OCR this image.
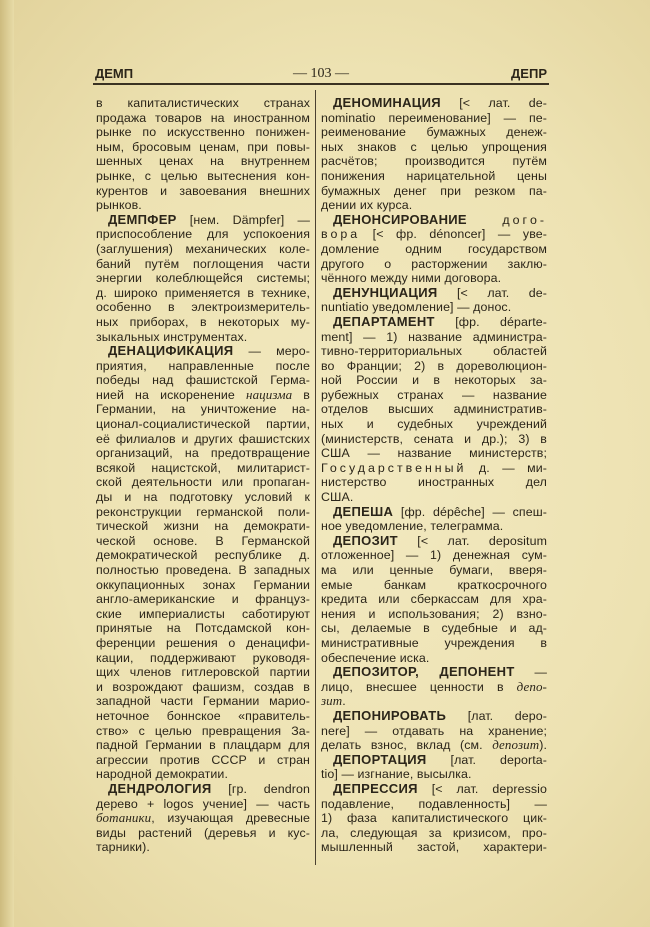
ДЕМП	— 103 —	ДЕПР
в капиталистических странах
продажа товаров на иностранном
рынке по искусственно понижен-
ным, бросовым ценам, при повы-
шенных ценах на внутреннем
рынке, с целью вытеснения кон-
курентов и завоевания внешних
рынков.
ДЕМПФЕР [нем. Dämpfer] —
приспособление для успокоения
(заглушения) механических коле-
баний путём поглощения части
энергии колеблющейся системы;
д. широко применяется в технике,
особенно в электроизмеритель-
ных приборах, в некоторых му-
зыкальных инструментах.
ДЕНАЦИФИКАЦИЯ — меро-
приятия, направленные после
победы над фашистской Герма-
нией на искоренение нацизма в
Германии, на уничтожение на-
ционал-социалистической партии,
её филиалов и других фашистских
организаций, на предотвращение
всякой нацистской, милитарист-
ской деятельности или пропаган-
ды и на подготовку условий к
реконструкции германской поли-
тической жизни на демократи-
ческой основе. В Германской
демократической республике д.
полностью проведена. В западных
оккупационных зонах Германии
англо-американские и француз-
ские империалисты саботируют
принятые на Потсдамской кон-
ференции решения о денацифи-
кации, поддерживают руководя-
щих членов гитлеровской партии
и возрождают фашизм, создав в
западной части Германии марио-
неточное боннское «правитель-
ство» с целью превращения За-
падной Германии в плацдарм для
агрессии против СССР и стран
народной демократии.
ДЕНДРОЛОГИЯ [гр. dendron
дерево + logos учение] — часть
ботаники, изучающая древесные
виды растений (деревья и кус-
тарники).
ДЕНОМИНАЦИЯ [< лат. de-
nominatio переименование] — пе-
реименование бумажных денеж-
ных знаков с целью упрощения
расчётов; производится путём
понижения нарицательной цены
бумажных денег при резком па-
дении их курса.
ДЕНОНСИРОВАНИЕ догo-
вора [< фр. dénoncer] — уве-
домление одним государством
другого о расторжении заклю-
чённого между ними договора.
ДЕНУНЦИАЦИЯ [< лат. de-
nuntiatio уведомление] — донос.
ДЕПАРТАМЕНТ [фр. départe-
ment] — 1) название администра-
тивно-территориальных областей
во Франции; 2) в дореволюцион-
ной России и в некоторых за-
рубежных странах — название
отделов высших административ-
ных и судебных учреждений
(министерств, сената и др.); 3) в
США — название министерств;
Государственный д. — ми-
нистерство иностранных дел
США.
ДЕПЕША [фр. dépêche] — спеш-
ное уведомление, телеграмма.
ДЕПОЗИТ [< лат. depositum
отложенное] — 1) денежная сум-
ма или ценные бумаги, вверя-
емые банкам краткосрочного
кредита или сберкассам для хра-
нения и использования; 2) взно-
сы, делаемые в судебные и ад-
министративные учреждения в
обеспечение иска.
ДЕПОЗИТОР, ДЕПОНЕНТ —
лицо, внесшее ценности в депо-
зит.
ДЕПОНИРОВАТЬ [лат. depo-
nere] — отдавать на хранение;
делать взнос, вклад (см. депозит).
ДЕПОРТАЦИЯ [лат. deporta-
tio] — изгнание, высылка.
ДЕПРЕССИЯ [< лат. depressio
подавление, подавленность] —
1) фаза капиталистического цик-
ла, следующая за кризисом, про-
мышленный застой, характери-
